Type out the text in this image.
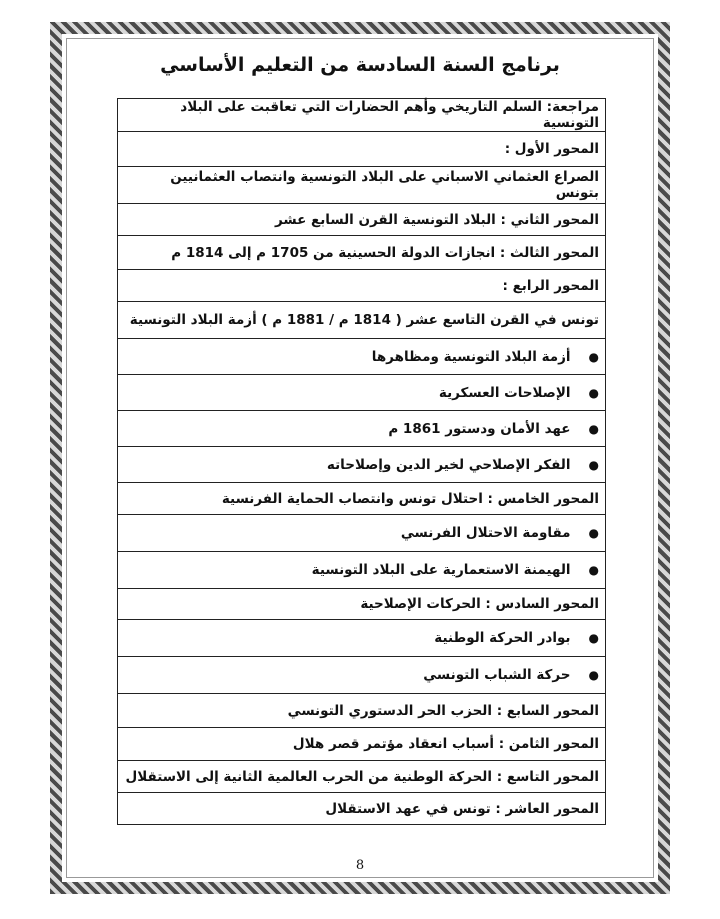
برنامج السنة السادسة من التعليم الأساسي
مراجعة: السلم التاريخي وأهم الحضارات التي تعاقبت على البلاد التونسية
المحور الأول :
الصراع العثماني الاسباني على البلاد التونسية وانتصاب العثمانيين بتونس
المحور الثاني : البلاد التونسية القرن السابع عشر
المحور الثالث : انجازات الدولة الحسينية من 1705 م إلى 1814 م
المحور الرابع :
تونس في القرن التاسع عشر ( 1814 م / 1881 م ) أزمة البلاد التونسية
●أزمة البلاد التونسية ومظاهرها
●الإصلاحات العسكرية
●عهد الأمان ودستور 1861 م
●الفكر الإصلاحي لخير الدين وإصلاحاته
المحور الخامس : احتلال تونس وانتصاب الحماية الفرنسية
●مقاومة الاحتلال الفرنسي
●الهيمنة الاستعمارية على البلاد التونسية
المحور السادس : الحركات الإصلاحية
●بوادر الحركة الوطنية
●حركة الشباب التونسي
المحور السابع : الحزب الحر الدستوري التونسي
المحور الثامن : أسباب انعقاد مؤتمر قصر هلال
المحور التاسع : الحركة الوطنية من الحرب العالمية الثانية إلى الاستقلال
المحور العاشر : تونس في عهد الاستقلال
8
